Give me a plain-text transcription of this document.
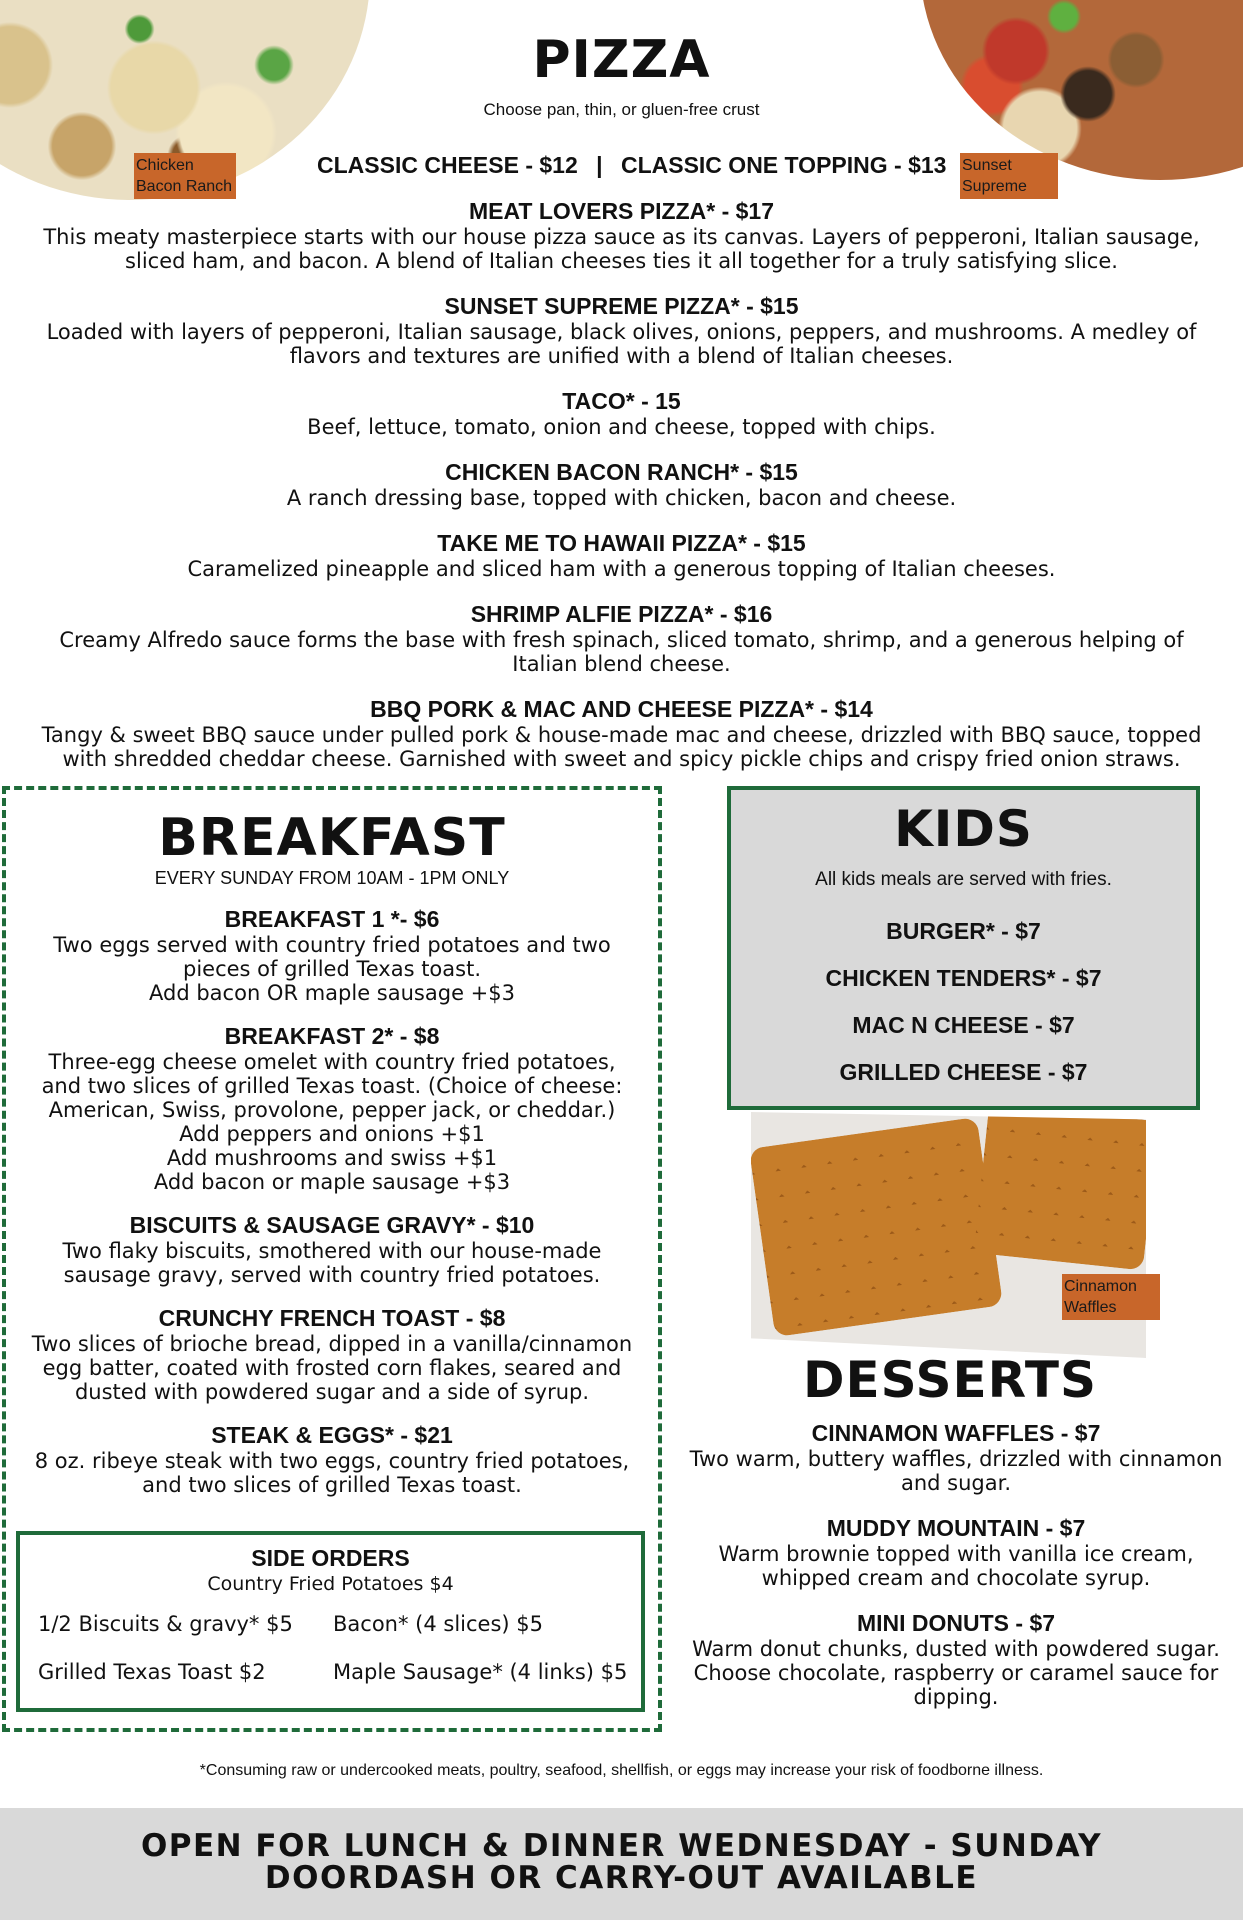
Chicken
Bacon Ranch
Sunset
Supreme
PIZZA
Choose pan, thin, or gluen-free crust
CLASSIC CHEESE - $12 | CLASSIC ONE TOPPING - $13
MEAT LOVERS PIZZA* - $17
This meaty masterpiece starts with our house pizza sauce as its canvas. Layers of pepperoni, Italian sausage,
sliced ham, and bacon. A blend of Italian cheeses ties it all together for a truly satisfying slice.
SUNSET SUPREME PIZZA* - $15
Loaded with layers of pepperoni, Italian sausage, black olives, onions, peppers, and mushrooms. A medley of
flavors and textures are unified with a blend of Italian cheeses.
TACO* - 15
Beef, lettuce, tomato, onion and cheese, topped with chips.
CHICKEN BACON RANCH* - $15
A ranch dressing base, topped with chicken, bacon and cheese.
TAKE ME TO HAWAII PIZZA* - $15
Caramelized pineapple and sliced ham with a generous topping of Italian cheeses.
SHRIMP ALFIE PIZZA* - $16
Creamy Alfredo sauce forms the base with fresh spinach, sliced tomato, shrimp, and a generous helping of
Italian blend cheese.
BBQ PORK & MAC AND CHEESE PIZZA* - $14
Tangy & sweet BBQ sauce under pulled pork & house-made mac and cheese, drizzled with BBQ sauce, topped
with shredded cheddar cheese. Garnished with sweet and spicy pickle chips and crispy fried onion straws.
BREAKFAST
EVERY SUNDAY FROM 10AM - 1PM ONLY
BREAKFAST 1 *- $6
Two eggs served with country fried potatoes and two
pieces of grilled Texas toast.
Add bacon OR maple sausage +$3
BREAKFAST 2* - $8
Three-egg cheese omelet with country fried potatoes,
and two slices of grilled Texas toast. (Choice of cheese:
American, Swiss, provolone, pepper jack, or cheddar.)
Add peppers and onions +$1
Add mushrooms and swiss +$1
Add bacon or maple sausage +$3
BISCUITS & SAUSAGE GRAVY* - $10
Two flaky biscuits, smothered with our house-made
sausage gravy, served with country fried potatoes.
CRUNCHY FRENCH TOAST - $8
Two slices of brioche bread, dipped in a vanilla/cinnamon
egg batter, coated with frosted corn flakes, seared and
dusted with powdered sugar and a side of syrup.
STEAK & EGGS* - $21
8 oz. ribeye steak with two eggs, country fried potatoes,
and two slices of grilled Texas toast.
SIDE ORDERS
Country Fried Potatoes $4
1/2 Biscuits & gravy* $5 Bacon* (4 slices) $5
Grilled Texas Toast $2	Maple Sausage* (4 links) $5
KIDS
All kids meals are served with fries.
BURGER* - $7
CHICKEN TENDERS* - $7
MAC N CHEESE - $7
GRILLED CHEESE - $7
Cinnamon
Waffles
DESSERTS
CINNAMON WAFFLES - $7
Two warm, buttery waffles, drizzled with cinnamon
and sugar.
MUDDY MOUNTAIN - $7
Warm brownie topped with vanilla ice cream,
whipped cream and chocolate syrup.
MINI DONUTS - $7
Warm donut chunks, dusted with powdered sugar.
Choose chocolate, raspberry or caramel sauce for
dipping.
*Consuming raw or undercooked meats, poultry, seafood, shellfish, or eggs may increase your risk of foodborne illness.
OPEN FOR LUNCH & DINNER WEDNESDAY - SUNDAY
DOORDASH OR CARRY-OUT AVAILABLE
